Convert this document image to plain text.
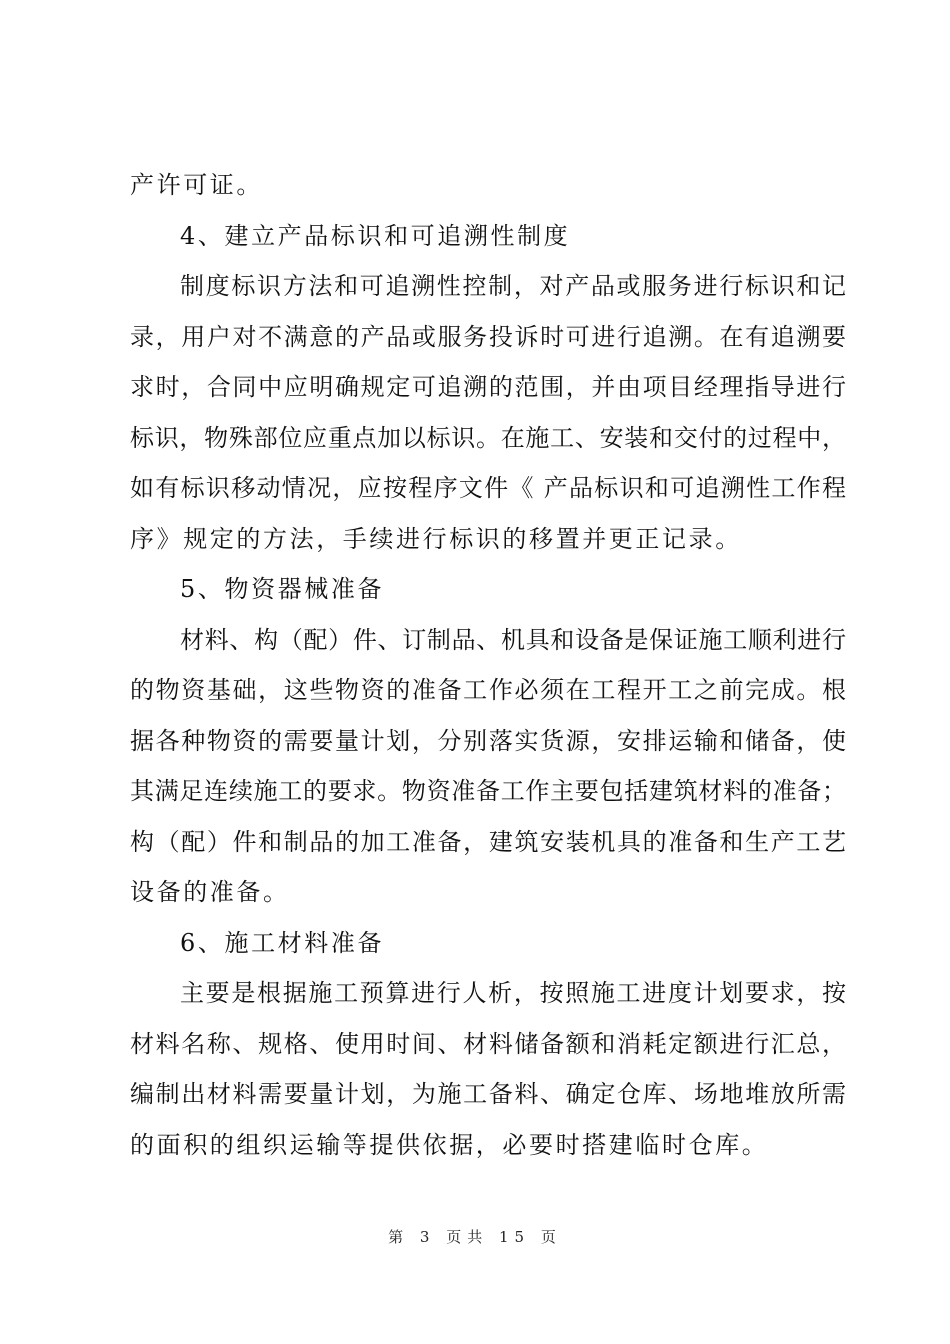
产许可证。
4、建立产品标识和可追溯性制度
制度标识方法和可追溯性控制，对产品或服务进行标识和记
录，用户对不满意的产品或服务投诉时可进行追溯。在有追溯要
求时，合同中应明确规定可追溯的范围，并由项目经理指导进行
标识，物殊部位应重点加以标识。在施工、安装和交付的过程中，
如有标识移动情况，应按程序文件《 产品标识和可追溯性工作程
序》规定的方法，手续进行标识的移置并更正记录。
5、物资器械准备
材料、构（配）件、订制品、机具和设备是保证施工顺利进行
的物资基础，这些物资的准备工作必须在工程开工之前完成。根
据各种物资的需要量计划，分别落实货源，安排运输和储备，使
其满足连续施工的要求。物资准备工作主要包括建筑材料的准备；
构（配）件和制品的加工准备，建筑安装机具的准备和生产工艺
设备的准备。
6、施工材料准备
主要是根据施工预算进行人析，按照施工进度计划要求，按
材料名称、规格、使用时间、材料储备额和消耗定额进行汇总，
编制出材料需要量计划，为施工备料、确定仓库、场地堆放所需
的面积的组织运输等提供依据，必要时搭建临时仓库。
第 3 页共 15 页
